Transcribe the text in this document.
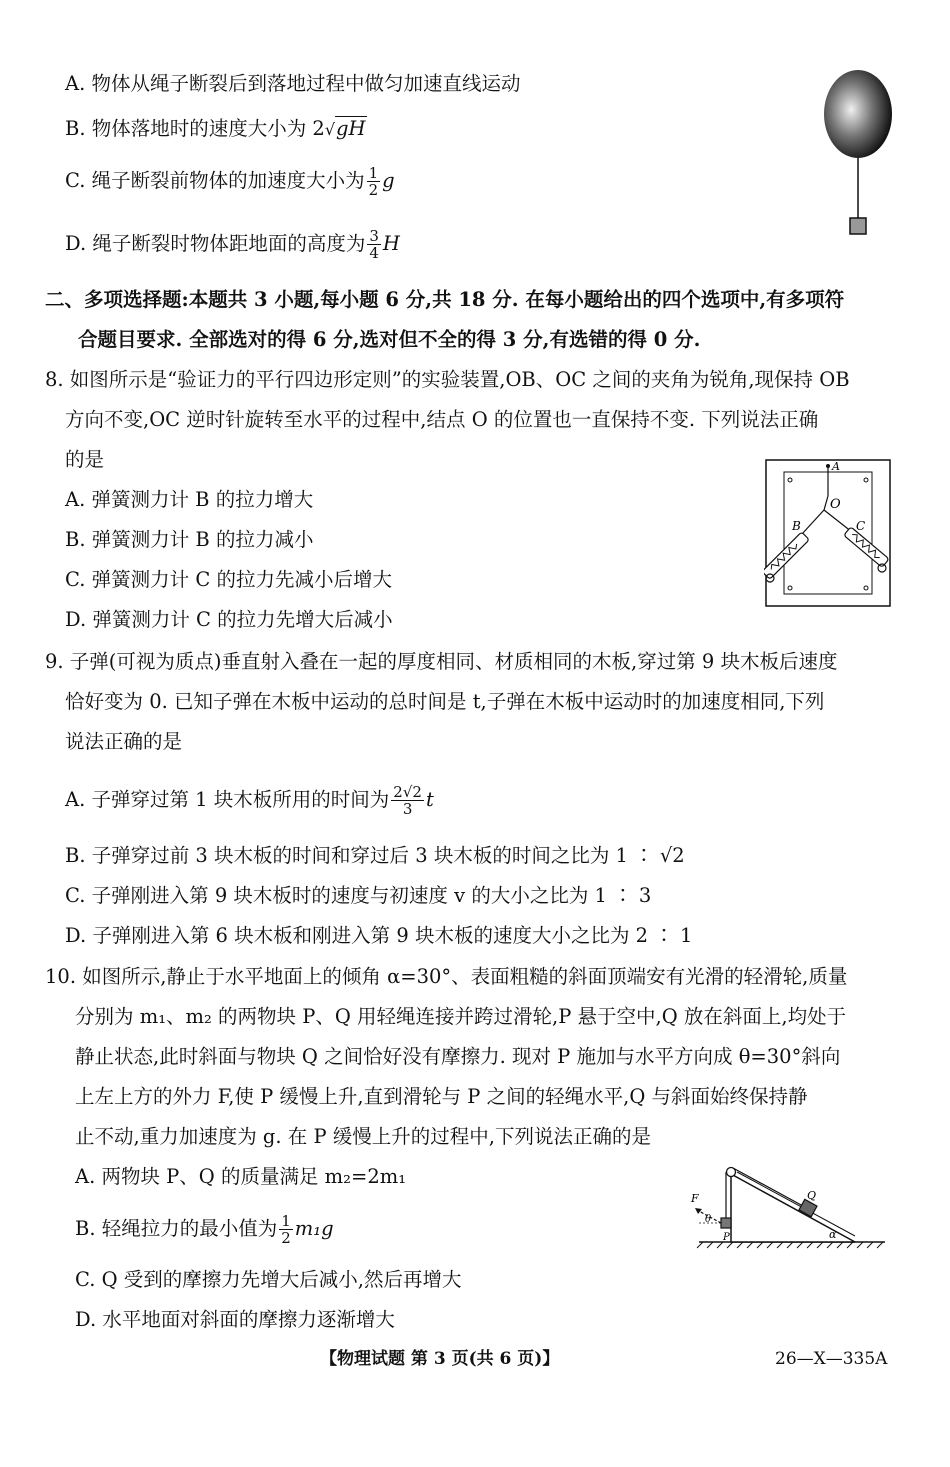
A. 物体从绳子断裂后到落地过程中做匀加速直线运动
B. 物体落地时的速度大小为 2√gH
C. 绳子断裂前物体的加速度大小为 $\frac{1}{2}$ g
D. 绳子断裂时物体距地面的高度为 $\frac{3}{4}$ H
二、多项选择题:本题共 3 小题,每小题 6 分,共 18 分. 在每小题给出的四个选项中,有多项符
合题目要求. 全部选对的得 6 分,选对但不全的得 3 分,有选错的得 0 分.
8. 如图所示是“验证力的平行四边形定则”的实验装置,OB、OC 之间的夹角为锐角,现保持 OB
方向不变,OC 逆时针旋转至水平的过程中,结点 O 的位置也一直保持不变. 下列说法正确
的是
A. 弹簧测力计 B 的拉力增大
B. 弹簧测力计 B 的拉力减小
C. 弹簧测力计 C 的拉力先减小后增大
D. 弹簧测力计 C 的拉力先增大后减小
A
O
B	C
9. 子弹(可视为质点)垂直射入叠在一起的厚度相同、材质相同的木板,穿过第 9 块木板后速度
恰好变为 0. 已知子弹在木板中运动的总时间是 t,子弹在木板中运动时的加速度相同,下列
说法正确的是
A. 子弹穿过第 1 块木板所用的时间为 $\frac{2√2}{3}$ t
B. 子弹穿过前 3 块木板的时间和穿过后 3 块木板的时间之比为 1 ∶ √2
C. 子弹刚进入第 9 块木板时的速度与初速度 v 的大小之比为 1 ∶ 3
D. 子弹刚进入第 6 块木板和刚进入第 9 块木板的速度大小之比为 2 ∶ 1
10. 如图所示,静止于水平地面上的倾角 α=30°、表面粗糙的斜面顶端安有光滑的轻滑轮,质量
分别为 m₁、m₂ 的两物块 P、Q 用轻绳连接并跨过滑轮,P 悬于空中,Q 放在斜面上,均处于
静止状态,此时斜面与物块 Q 之间恰好没有摩擦力. 现对 P 施加与水平方向成 θ=30°斜向
上左上方的外力 F,使 P 缓慢上升,直到滑轮与 P 之间的轻绳水平,Q 与斜面始终保持静
止不动,重力加速度为 g. 在 P 缓慢上升的过程中,下列说法正确的是
A. 两物块 P、Q 的质量满足 m₂=2m₁
B. 轻绳拉力的最小值为 $\frac{1}{2} m_1g$
C. Q 受到的摩擦力先增大后减小,然后再增大
D. 水平地面对斜面的摩擦力逐渐增大
F
θ
P
Q
α
【物理试题 第 3 页(共 6 页)】	26—X—335A
